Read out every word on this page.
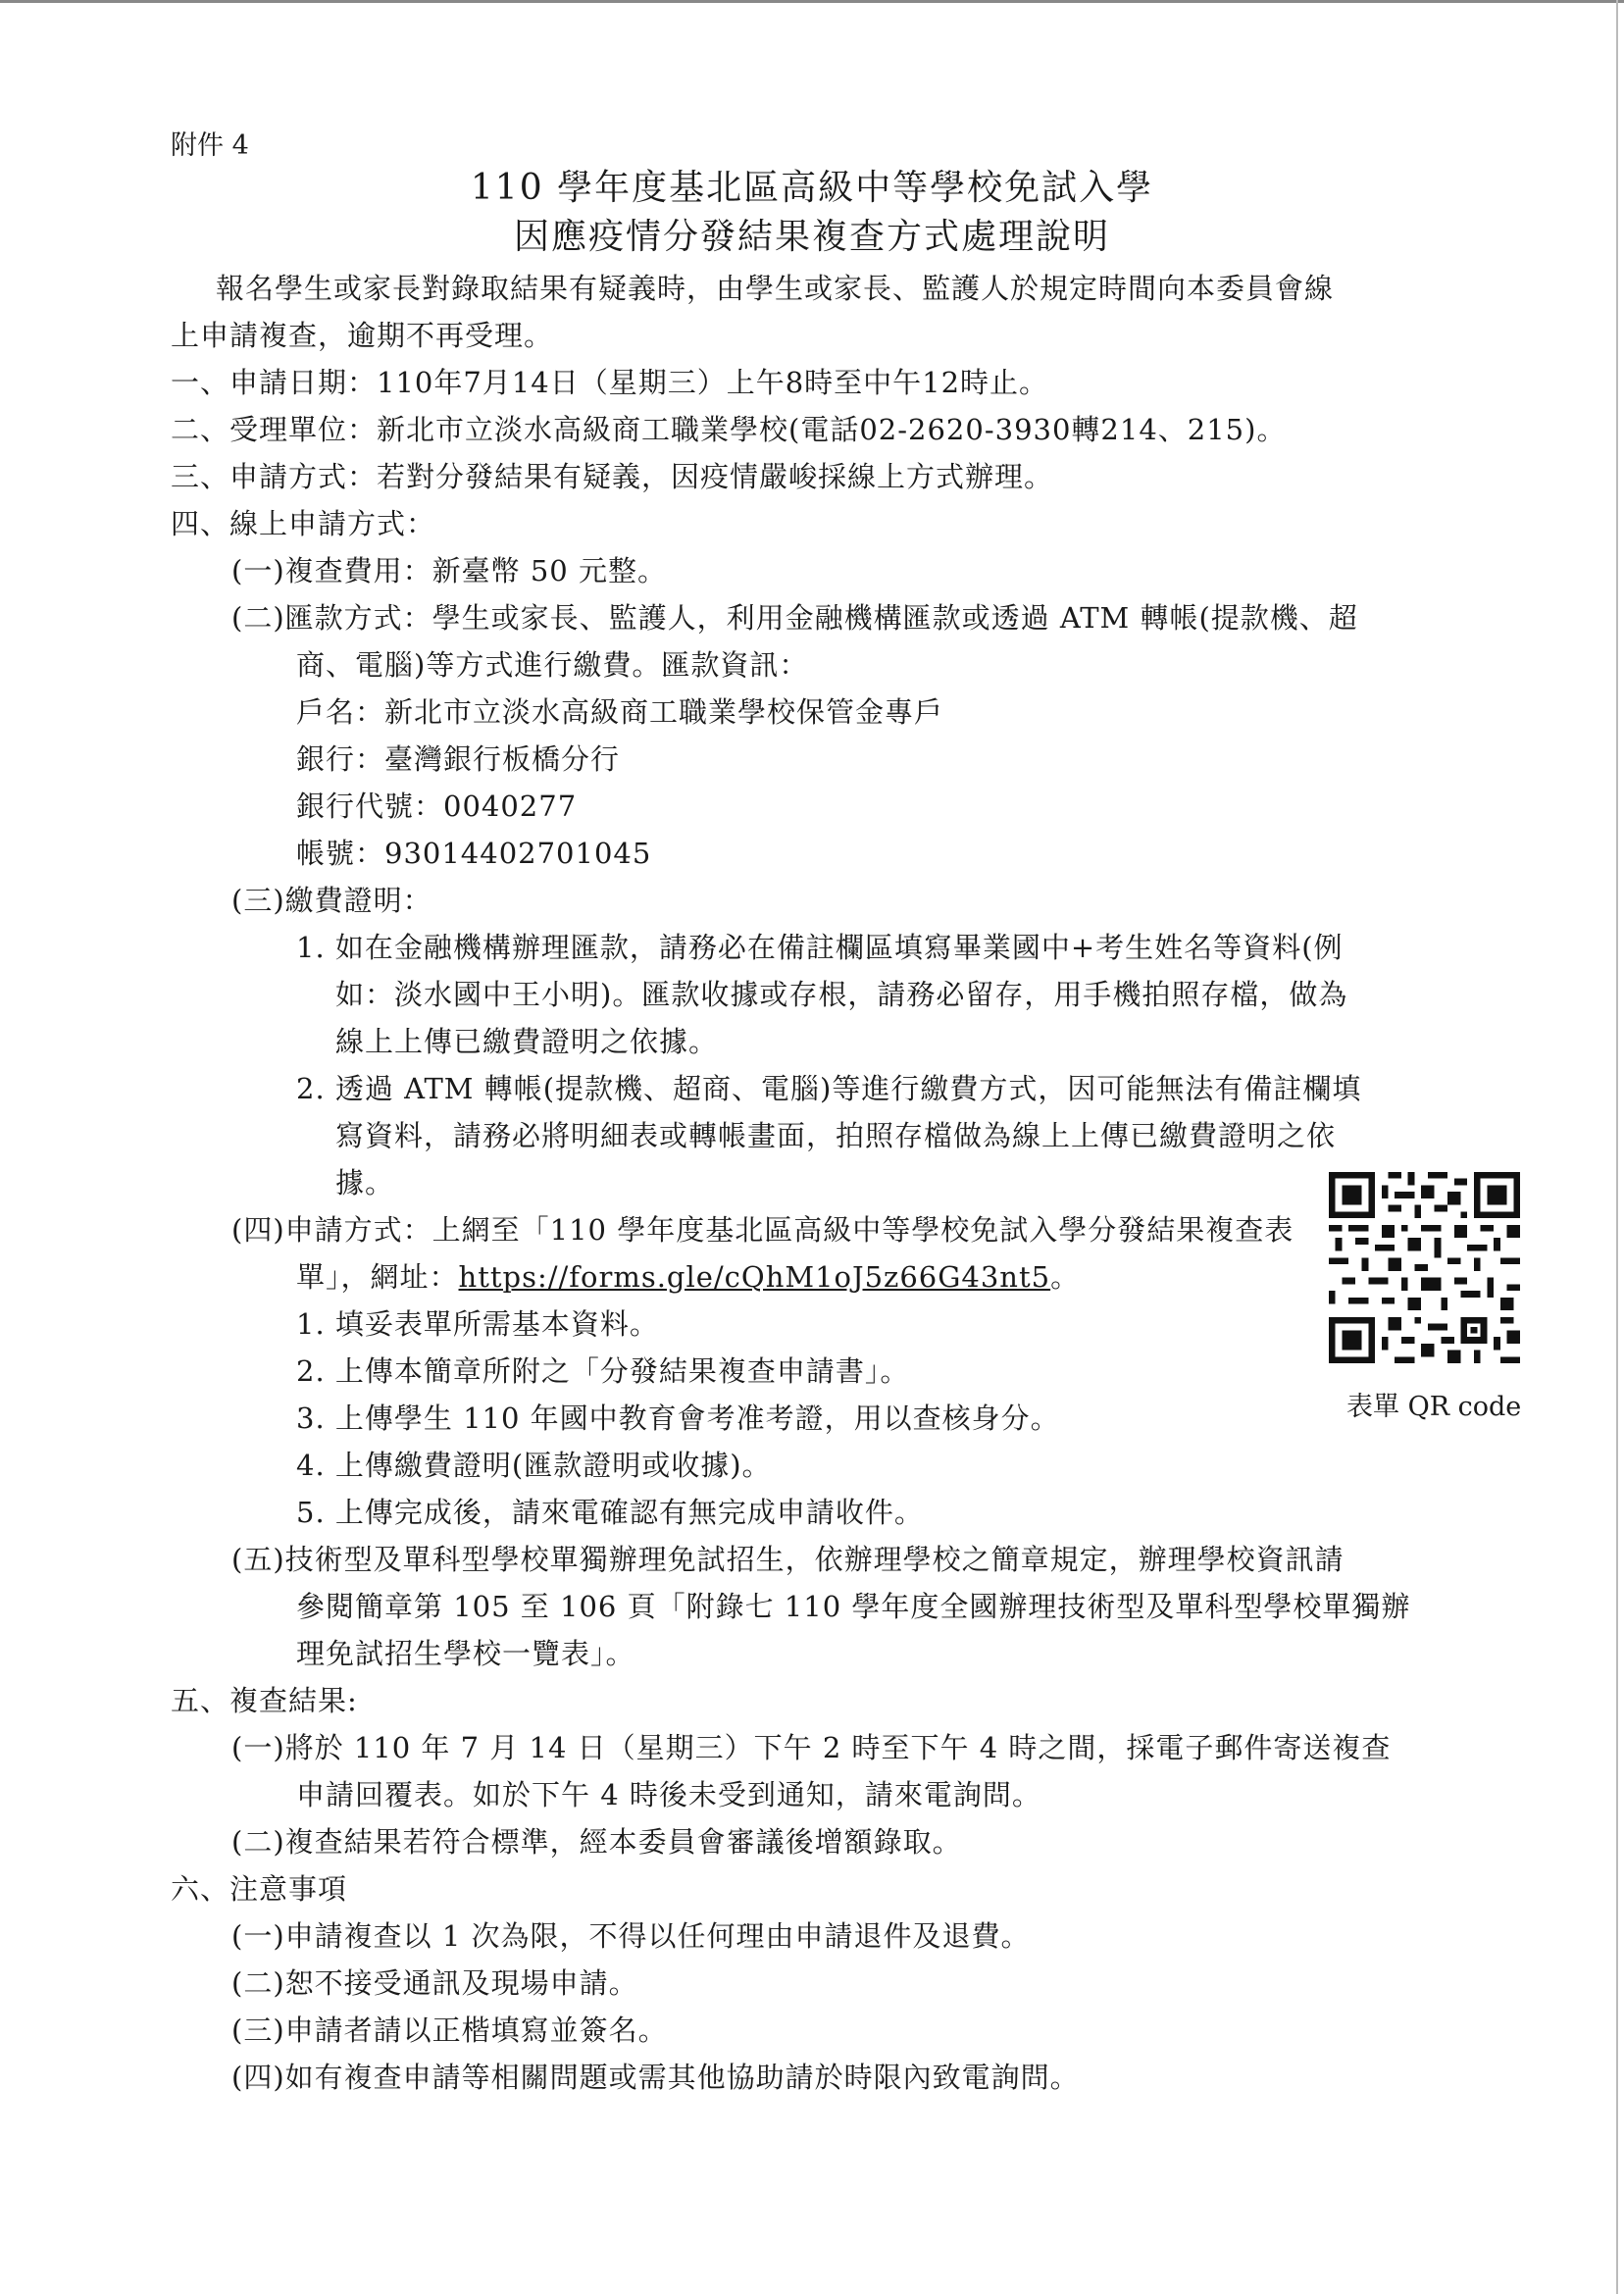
附件 4
110 學年度基北區高級中等學校免試入學
因應疫情分發結果複查方式處理說明
報名學生或家長對錄取結果有疑義時，由學生或家長、監護人於規定時間向本委員會線
上申請複查，逾期不再受理。
一、申請日期：110年7月14日（星期三）上午8時至中午12時止。
二、受理單位：新北市立淡水高級商工職業學校(電話02-2620-3930轉214、215)。
三、申請方式：若對分發結果有疑義，因疫情嚴峻採線上方式辦理。
四、線上申請方式：
(一)複查費用：新臺幣 50 元整。
(二)匯款方式：學生或家長、監護人，利用金融機構匯款或透過 ATM 轉帳(提款機、超
商、電腦)等方式進行繳費。匯款資訊：
戶名：新北市立淡水高級商工職業學校保管金專戶
銀行：臺灣銀行板橋分行
銀行代號：0040277
帳號：93014402701045
(三)繳費證明：
1. 如在金融機構辦理匯款，請務必在備註欄區填寫畢業國中+考生姓名等資料(例
如：淡水國中王小明)。匯款收據或存根，請務必留存，用手機拍照存檔，做為
線上上傳已繳費證明之依據。
2. 透過 ATM 轉帳(提款機、超商、電腦)等進行繳費方式，因可能無法有備註欄填
寫資料，請務必將明細表或轉帳畫面，拍照存檔做為線上上傳已繳費證明之依
據。
(四)申請方式：上網至「110 學年度基北區高級中等學校免試入學分發結果複查表
單」，網址：https://forms.gle/cQhM1oJ5z66G43nt5。
1. 填妥表單所需基本資料。
2. 上傳本簡章所附之「分發結果複查申請書」。
3. 上傳學生 110 年國中教育會考准考證，用以查核身分。
4. 上傳繳費證明(匯款證明或收據)。
5. 上傳完成後，請來電確認有無完成申請收件。
(五)技術型及單科型學校單獨辦理免試招生，依辦理學校之簡章規定，辦理學校資訊請
參閱簡章第 105 至 106 頁「附錄七 110 學年度全國辦理技術型及單科型學校單獨辦
理免試招生學校一覽表」。
五、複查結果:
(一)將於 110 年 7 月 14 日（星期三）下午 2 時至下午 4 時之間，採電子郵件寄送複查
申請回覆表。如於下午 4 時後未受到通知，請來電詢問。
(二)複查結果若符合標準，經本委員會審議後增額錄取。
六、注意事項
(一)申請複查以 1 次為限，不得以任何理由申請退件及退費。
(二)恕不接受通訊及現場申請。
(三)申請者請以正楷填寫並簽名。
(四)如有複查申請等相關問題或需其他協助請於時限內致電詢問。
表單 QR code
